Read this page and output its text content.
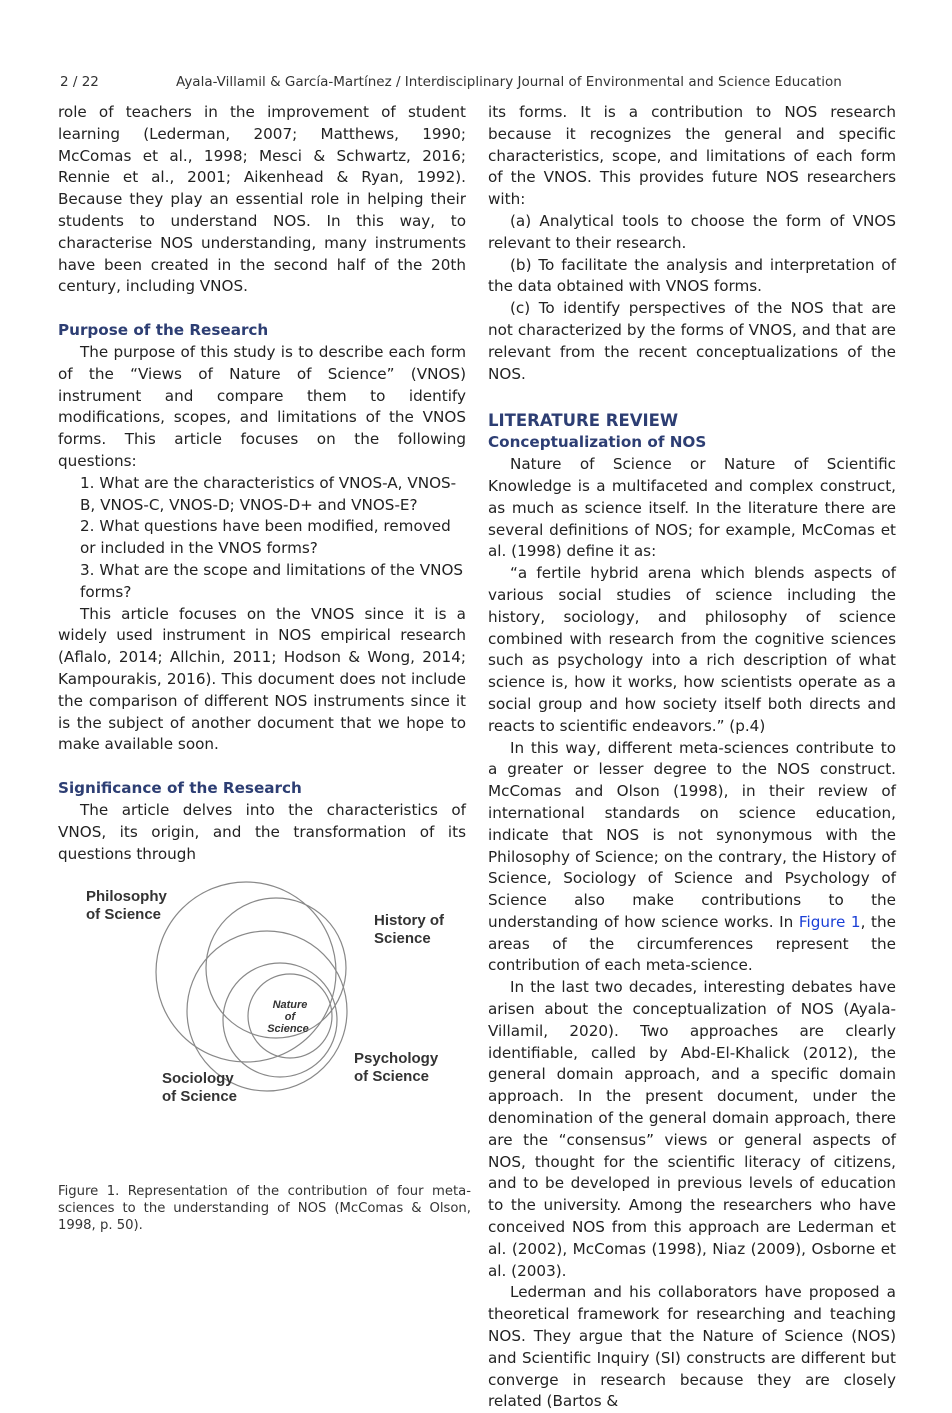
2 / 22	Ayala-Villamil & García-Martínez / Interdisciplinary Journal of Environmental and Science Education

role of teachers in the improvement of student learning (Lederman, 2007; Matthews, 1990; McComas et al., 1998; Mesci & Schwartz, 2016; Rennie et al., 2001; Aikenhead & Ryan, 1992). Because they play an essential role in helping their students to understand NOS. In this way, to characterise NOS understanding, many instruments have been created in the second half of the 20th century, including VNOS.

Purpose of the Research

The purpose of this study is to describe each form of the “Views of Nature of Science” (VNOS) instrument and compare them to identify modifications, scopes, and limitations of the VNOS forms. This article focuses on the following questions:

1. What are the characteristics of VNOS-A, VNOS-B, VNOS-C, VNOS-D; VNOS-D+ and VNOS-E?

2. What questions have been modified, removed or included in the VNOS forms?

3. What are the scope and limitations of the VNOS forms?

This article focuses on the VNOS since it is a widely used instrument in NOS empirical research (Aflalo, 2014; Allchin, 2011; Hodson & Wong, 2014; Kampourakis, 2016). This document does not include the comparison of different NOS instruments since it is the subject of another document that we hope to make available soon.

Significance of the Research

The article delves into the characteristics of VNOS, its origin, and the transformation of its questions through

Philosophy
of Science	History of
Science
Psychology
of Science
Sociology
of Science
Nature
of
Science

Figure 1. Representation of the contribution of four meta-sciences to the understanding of NOS (McComas & Olson, 1998, p. 50).

its forms. It is a contribution to NOS research because it recognizes the general and specific characteristics, scope, and limitations of each form of the VNOS. This provides future NOS researchers with:

(a) Analytical tools to choose the form of VNOS relevant to their research.

(b) To facilitate the analysis and interpretation of the data obtained with VNOS forms.

(c) To identify perspectives of the NOS that are not characterized by the forms of VNOS, and that are relevant from the recent conceptualizations of the NOS.

LITERATURE REVIEW

Conceptualization of NOS

Nature of Science or Nature of Scientific Knowledge is a multifaceted and complex construct, as much as science itself. In the literature there are several definitions of NOS; for example, McComas et al. (1998) define it as:

“a fertile hybrid arena which blends aspects of various social studies of science including the history, sociology, and philosophy of science combined with research from the cognitive sciences such as psychology into a rich description of what science is, how it works, how scientists operate as a social group and how society itself both directs and reacts to scientific endeavors.” (p.4)

In this way, different meta-sciences contribute to a greater or lesser degree to the NOS construct. McComas and Olson (1998), in their review of international standards on science education, indicate that NOS is not synonymous with the Philosophy of Science; on the contrary, the History of Science, Sociology of Science and Psychology of Science also make contributions to the understanding of how science works. In Figure 1, the areas of the circumferences represent the contribution of each meta-science.

In the last two decades, interesting debates have arisen about the conceptualization of NOS (Ayala-Villamil, 2020). Two approaches are clearly identifiable, called by Abd-El-Khalick (2012), the general domain approach, and a specific domain approach. In the present document, under the denomination of the general domain approach, there are the “consensus” views or general aspects of NOS, thought for the scientific literacy of citizens, and to be developed in previous levels of education to the university. Among the researchers who have conceived NOS from this approach are Lederman et al. (2002), McComas (1998), Niaz (2009), Osborne et al. (2003).

Lederman and his collaborators have proposed a theoretical framework for researching and teaching NOS. They argue that the Nature of Science (NOS) and Scientific Inquiry (SI) constructs are different but converge in research because they are closely related (Bartos &
